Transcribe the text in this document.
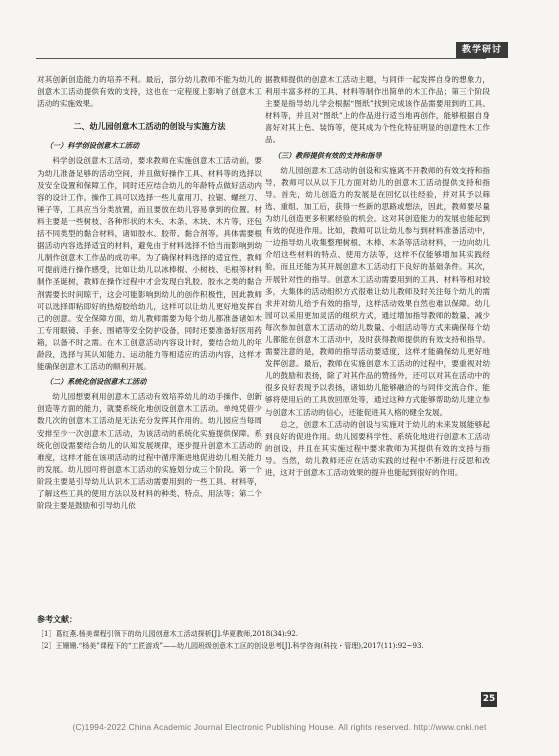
教学研讨

对其创新创造能力的培养不利。最后，部分幼儿教师不能为幼儿的创意木工活动提供有效的支持，这也在一定程度上影响了创意木工活动的实施效果。

二、幼儿园创意木工活动的创设与实施方法
（一）科学创设创意木工活动

科学创设创意木工活动，要求教师在实施创意木工活动前，要为幼儿准备足够的活动空间，并且做好操作工具、材料等的选择以及安全设置和保障工作，同时还应结合幼儿的年龄特点做好活动内容的设计工作。操作工具可以选择一些儿童用刀、拉锯、螺丝刀、锤子等，工具应当分类放置，而且要放在幼儿容易拿到的位置。材料主要是一些树枝、各种形状的木头、木条、木块、木片等，还包括不同类型的黏合材料，诸如胶水、胶带、黏合剂等。具体需要根据活动内容选择适宜的材料，避免由于材料选择不恰当而影响到幼儿制作创意木工作品的成功率。为了确保材料选择的适宜性，教师可提前进行操作感受，比如让幼儿以冰棒棍、小树枝、毛根等材料制作圣诞树，教师在操作过程中才会发现白乳胶、胶水之类的黏合剂需要长时间晾干，这会可能影响到幼儿的创作积极性，因此教师可以选择即粘即好的热熔胶给幼儿，这样可以让幼儿更好地发挥自己的创意。安全保障方面，幼儿教师需要为每个幼儿都准备诸如木工专用眼镜、手套、围裙等安全防护设备，同时还要准备好医用药箱，以备不时之需。在木工创意活动内容设计时，要结合幼儿的年龄段，选择与其认知能力、运动能力等相适应的活动内容，这样才能确保创意木工活动的顺利开展。

（二）系统化创设创意木工活动

幼儿园想要利用创意木工活动有效培养幼儿的动手操作、创新创造等方面的能力，就要系统化地创设创意木工活动。单纯凭借少数几次的创意木工活动是无法充分发挥其作用的。幼儿园应当每周安排至少一次创意木工活动，为该活动的系统化实施提供保障。系统化创设需要结合幼儿的认知发展规律，逐步提升创意木工活动的难度，这样才能在该项活动的过程中循序渐进地促进幼儿相关能力的发展。幼儿园可将创意木工活动的实施划分成三个阶段。第一个阶段主要是引导幼儿认识木工活动需要用到的一些工具、材料等，了解这些工具的使用方法以及材料的种类、特点、用法等；第二个阶段主要是鼓励和引导幼儿依

据教师提供的创意木工活动主题，与同伴一起发挥自身的想象力，利用丰富多样的工具、材料等制作出简单的木工作品；第三个阶段主要是指导幼儿学会根据“图纸”找到完成该作品需要用到的工具、材料等，并且对“图纸”上的作品进行适当地再创作，能够根据自身喜好对其上色、装饰等，使其成为个性化特征明显的创意性木工作品。

（三）教师提供有效的支持和指导

幼儿园创意木工活动的创设和实施离不开教师的有效支持和指导，教师可以从以下几方面对幼儿的创意木工活动提供支持和指导。首先，幼儿创造力的发展是在回忆以往经验，并对其予以筛选、重组、加工后，获得一些新的思路或想法，因此，教师要尽量为幼儿创造更多积累经验的机会。这对其创造能力的发展也能起到有效的促进作用。比如，教师可以让幼儿参与到材料准备活动中，一边指导幼儿收集整理树根、木棒、木条等活动材料，一边向幼儿介绍这些材料的特点、使用方法等，这样不仅能够增加其实践经验，而且还能为其开展创意木工活动打下良好的基础条件。其次，开展针对性的指导。创意木工活动需要用到的工具、材料等相对较多，大集体的活动组织方式很难让幼儿教师及时关注每个幼儿的需求并对幼儿给予有效的指导，这样活动效果自然也难以保障。幼儿园可以采用更加灵活的组织方式，通过增加指导教师的数量、减少每次参加创意木工活动的幼儿数量、小组活动等方式来确保每个幼儿都能在创意木工活动中，及时获得教师提供的有效支持和指导。需要注意的是，教师的指导活动要适度，这样才能确保幼儿更好地发挥创意。最后，教师在实施创意木工活动的过程中，要重视对幼儿的鼓励和表扬，除了对其作品的赞扬外，还可以对其在活动中的很多良好表现予以表扬，诸如幼儿能够融洽的与同伴交流合作、能够将使用后的工具放回原处等，通过这种方式能够帮助幼儿建立参与创意木工活动的信心，还能促进其人格的健全发展。

总之，创意木工活动的创设与实施对于幼儿的未来发展能够起到良好的促进作用。幼儿园要科学性、系统化地进行创意木工活动的创设，并且在其实施过程中要求教师为其提供有效的支持与指导。当然，幼儿教师还应在活动实践的过程中不断进行反思和改进，这对于创意木工活动效果的提升也能起到很好的作用。

参考文献：

［1］葛红燕.杨美课程引领下的幼儿园创意木工活动探析[J].华夏教师,2018(34):92.

［2］王姗姗.“杨美”课程下的“工匠游戏”——幼儿园班级创意木工区的创设思考[J].科学咨询(科技・管理),2017(11):92~93.

25
(C)1994-2022 China Academic Journal Electronic Publishing House. All rights reserved. http://www.cnki.net
